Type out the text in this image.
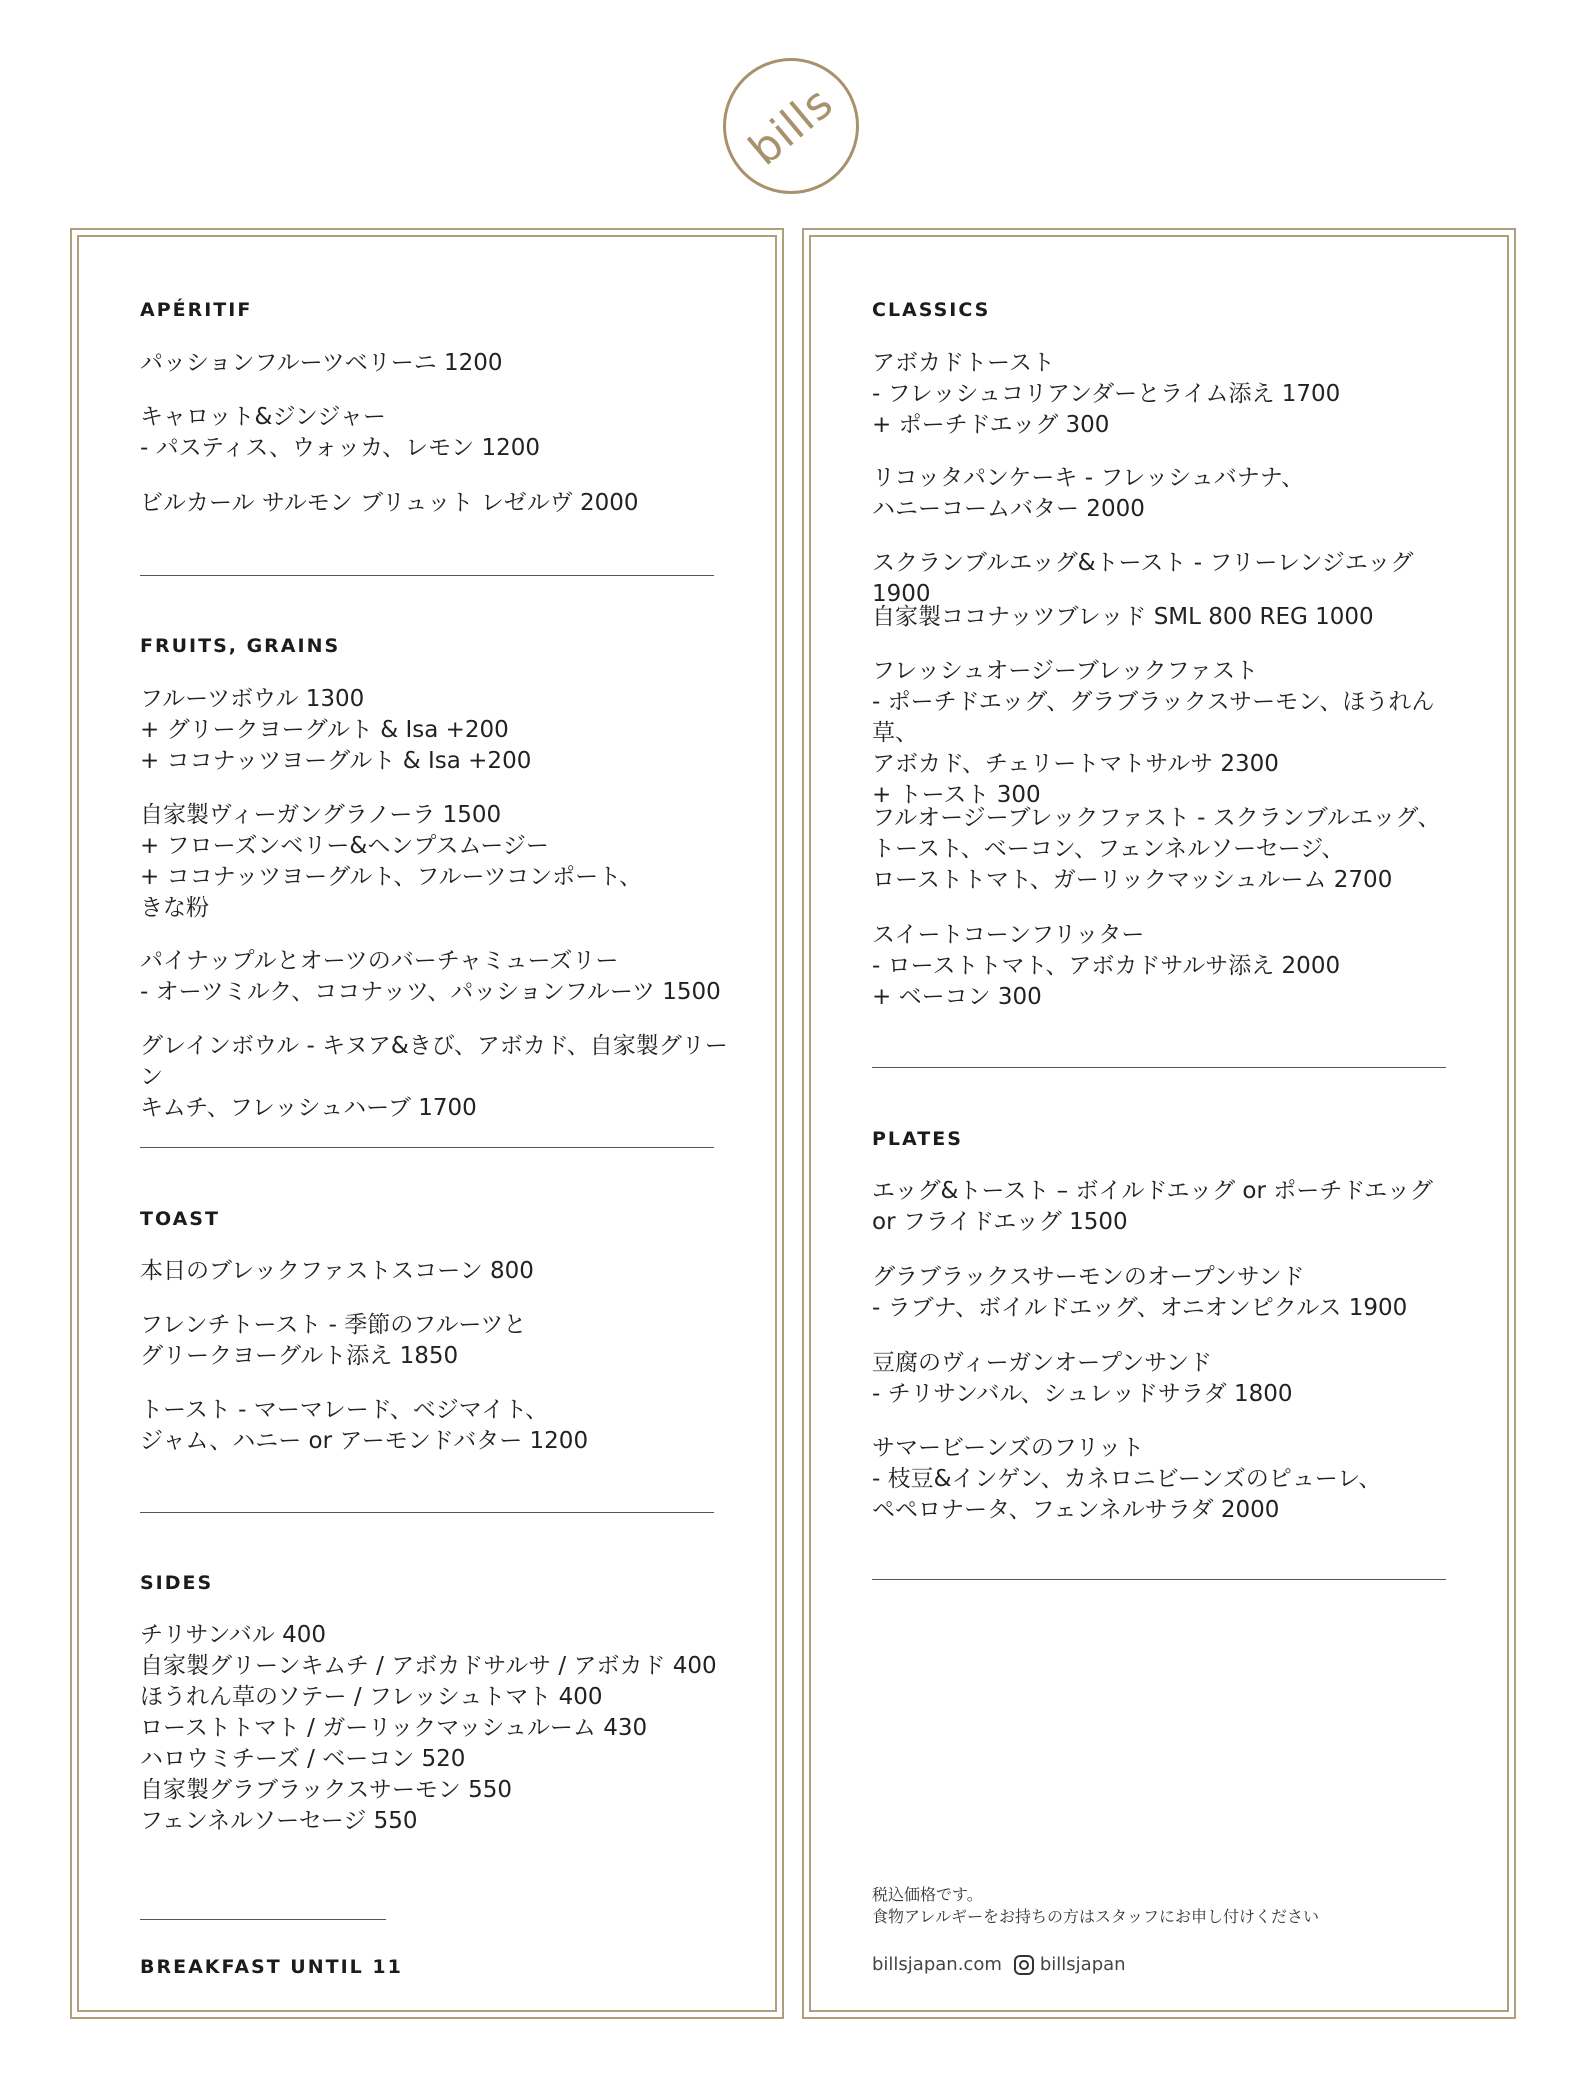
bills
APÉRITIF
パッションフルーツベリーニ 1200
キャロット&ジンジャー
- パスティス、ウォッカ、レモン 1200
ビルカール サルモン ブリュット レゼルヴ 2000
FRUITS, GRAINS
フルーツボウル 1300
+ グリークヨーグルト & Isa +200
+ ココナッツヨーグルト & Isa +200
自家製ヴィーガングラノーラ 1500
+ フローズンベリー&ヘンプスムージー
+ ココナッツヨーグルト、フルーツコンポート、
きな粉
パイナップルとオーツのバーチャミューズリー
- オーツミルク、ココナッツ、パッションフルーツ 1500
グレインボウル - キヌア&きび、アボカド、自家製グリーン
キムチ、フレッシュハーブ 1700
TOAST
本日のブレックファストスコーン 800
フレンチトースト - 季節のフルーツと
グリークヨーグルト添え 1850
トースト - マーマレード、ベジマイト、
ジャム、ハニー or アーモンドバター 1200
SIDES
チリサンバル 400
自家製グリーンキムチ / アボカドサルサ / アボカド 400
ほうれん草のソテー / フレッシュトマト 400
ローストトマト / ガーリックマッシュルーム 430
ハロウミチーズ / ベーコン 520
自家製グラブラックスサーモン 550
フェンネルソーセージ 550
BREAKFAST UNTIL 11
CLASSICS
アボカドトースト
- フレッシュコリアンダーとライム添え 1700
+ ポーチドエッグ 300
リコッタパンケーキ - フレッシュバナナ、
ハニーコームバター 2000
スクランブルエッグ&トースト - フリーレンジエッグ 1900
自家製ココナッツブレッド SML 800 REG 1000
フレッシュオージーブレックファスト
- ポーチドエッグ、グラブラックスサーモン、ほうれん草、
アボカド、チェリートマトサルサ 2300
+ トースト 300
フルオージーブレックファスト - スクランブルエッグ、
トースト、ベーコン、フェンネルソーセージ、
ローストトマト、ガーリックマッシュルーム 2700
スイートコーンフリッター
- ローストトマト、アボカドサルサ添え 2000
+ ベーコン 300
PLATES
エッグ&トースト – ボイルドエッグ or ポーチドエッグ
or フライドエッグ 1500
グラブラックスサーモンのオープンサンド
- ラブナ、ボイルドエッグ、オニオンピクルス 1900
豆腐のヴィーガンオープンサンド
- チリサンバル、シュレッドサラダ 1800
サマービーンズのフリット
- 枝豆&インゲン、カネロニビーンズのピューレ、
ペペロナータ、フェンネルサラダ 2000
税込価格です。
食物アレルギーをお持ちの方はスタッフにお申し付けください
billsjapan.com billsjapan
